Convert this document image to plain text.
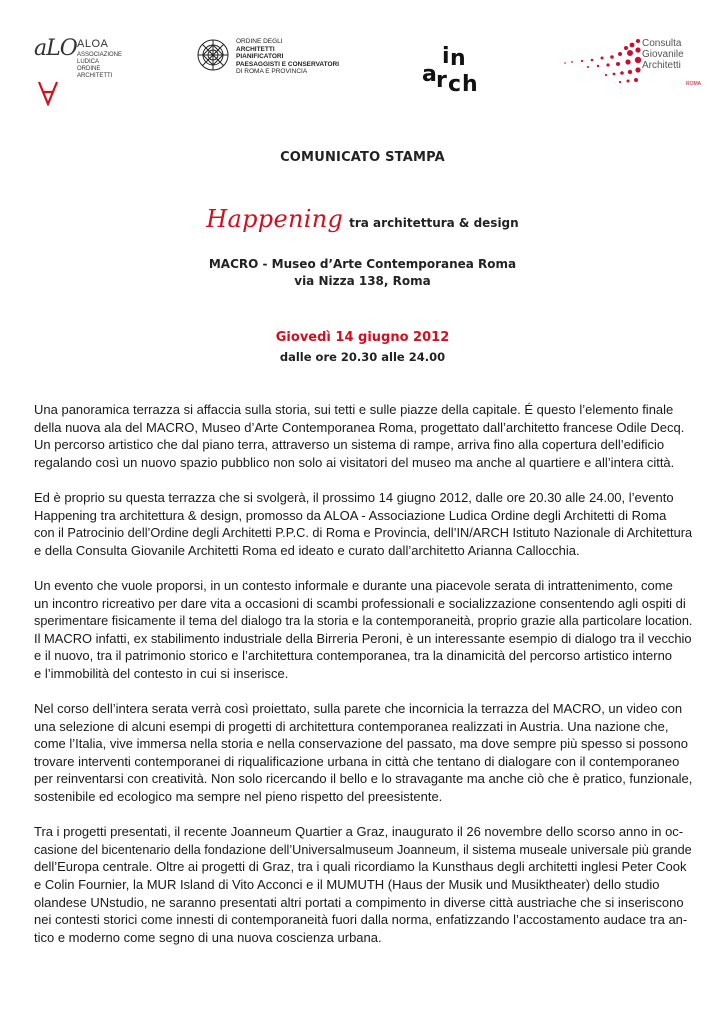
aLO ALOA
ASSOCIAZIONE
LUDICA
ORDINE
ARCHITETTI
ORDINE DEGLI
ARCHITETTI
PIANIFICATORI
PAESAGGISTI E CONSERVATORI
DI ROMA E PROVINCIA
i n
a r c h
Consulta
Giovanile
Architetti
ROMA
COMUNICATO STAMPA
Happening tra architettura & design
MACRO - Museo d’Arte Contemporanea Roma
via Nizza 138, Roma
Giovedì 14 giugno 2012
dalle ore 20.30 alle 24.00
Una panoramica terrazza si affaccia sulla storia, sui tetti e sulle piazze della capitale. É questo l’elemento finale
della nuova ala del MACRO, Museo d’Arte Contemporanea Roma, progettato dall’architetto francese Odile Decq.
Un percorso artistico che dal piano terra, attraverso un sistema di rampe, arriva fino alla copertura dell’edificio
regalando così un nuovo spazio pubblico non solo ai visitatori del museo ma anche al quartiere e all’intera città.
Ed è proprio su questa terrazza che si svolgerà, il prossimo 14 giugno 2012, dalle ore 20.30 alle 24.00, l’evento
Happening tra architettura & design, promosso da ALOA - Associazione Ludica Ordine degli Architetti di Roma
con il Patrocinio dell’Ordine degli Architetti P.P.C. di Roma e Provincia, dell’IN/ARCH Istituto Nazionale di Architettura
e della Consulta Giovanile Architetti Roma ed ideato e curato dall’architetto Arianna Callocchia.
Un evento che vuole proporsi, in un contesto informale e durante una piacevole serata di intrattenimento, come
un incontro ricreativo per dare vita a occasioni di scambi professionali e socializzazione consentendo agli ospiti di
sperimentare fisicamente il tema del dialogo tra la storia e la contemporaneità, proprio grazie alla particolare location.
Il MACRO infatti, ex stabilimento industriale della Birreria Peroni, è un interessante esempio di dialogo tra il vecchio
e il nuovo, tra il patrimonio storico e l’architettura contemporanea, tra la dinamicità del percorso artistico interno
e l’immobilità del contesto in cui si inserisce.
Nel corso dell’intera serata verrà così proiettato, sulla parete che incornicia la terrazza del MACRO, un video con
una selezione di alcuni esempi di progetti di architettura contemporanea realizzati in Austria. Una nazione che,
come l’Italia, vive immersa nella storia e nella conservazione del passato, ma dove sempre più spesso si possono
trovare interventi contemporanei di riqualificazione urbana in città che tentano di dialogare con il contemporaneo
per reinventarsi con creatività. Non solo ricercando il bello e lo stravagante ma anche ciò che è pratico, funzionale,
sostenibile ed ecologico ma sempre nel pieno rispetto del preesistente.
Tra i progetti presentati, il recente Joanneum Quartier a Graz, inaugurato il 26 novembre dello scorso anno in oc-
casione del bicentenario della fondazione dell’Universalmuseum Joanneum, il sistema museale universale più grande
dell’Europa centrale. Oltre ai progetti di Graz, tra i quali ricordiamo la Kunsthaus degli architetti inglesi Peter Cook
e Colin Fournier, la MUR Island di Vito Acconci e il MUMUTH (Haus der Musik und Musiktheater) dello studio
olandese UNstudio, ne saranno presentati altri portati a compimento in diverse città austriache che si inseriscono
nei contesti storici come innesti di contemporaneità fuori dalla norma, enfatizzando l’accostamento audace tra an-
tico e moderno come segno di una nuova coscienza urbana.
